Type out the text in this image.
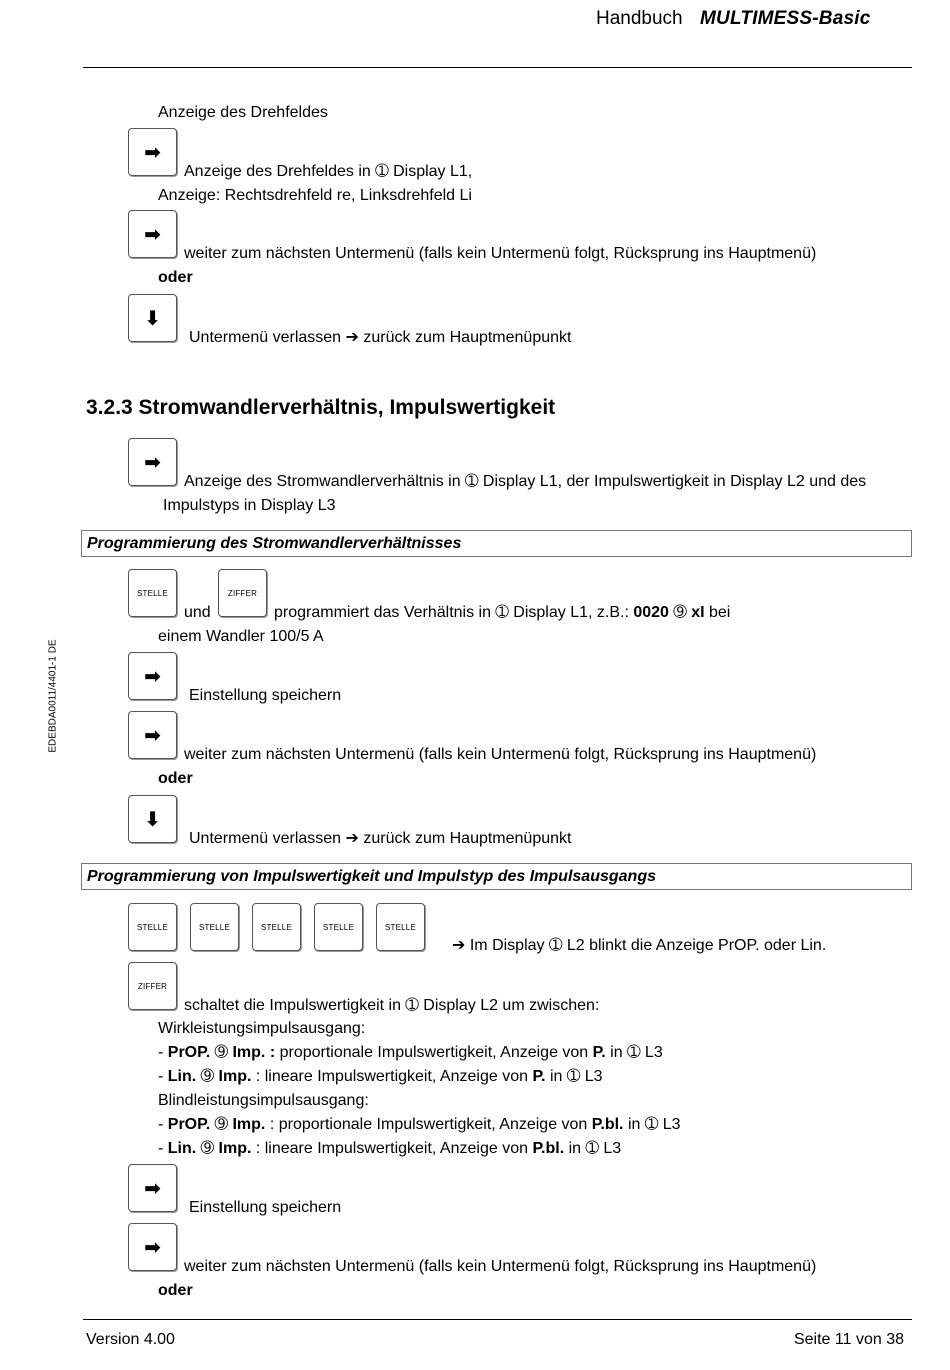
Handbuch MULTIMESS-Basic
EDEBDA0011/4401-1 DE
Anzeige des Drehfeldes
➡
Anzeige des Drehfeldes in ➀ Display L1,
Anzeige: Rechtsdrehfeld re, Linksdrehfeld Li
➡
weiter zum nächsten Untermenü (falls kein Untermenü folgt, Rücksprung ins Hauptmenü)
oder
⬇
Untermenü verlassen ➔ zurück zum Hauptmenüpunkt
3.2.3 Stromwandlerverhältnis, Impulswertigkeit
➡
Anzeige des Stromwandlerverhältnis in ➀ Display L1, der Impulswertigkeit in Display L2 und des
Impulstyps in Display L3
Programmierung des Stromwandlerverhältnisses
STELLE
und
ZIFFER
programmiert das Verhältnis in ➀ Display L1, z.B.: 0020 ➈ xI bei
einem Wandler 100/5 A
➡
Einstellung speichern
➡
weiter zum nächsten Untermenü (falls kein Untermenü folgt, Rücksprung ins Hauptmenü)
oder
⬇
Untermenü verlassen ➔ zurück zum Hauptmenüpunkt
Programmierung von Impulswertigkeit und Impulstyp des Impulsausgangs
STELLE	STELLE	STELLE	STELLE	STELLE
➔ Im Display ➀ L2 blinkt die Anzeige PrOP. oder Lin.
ZIFFER
schaltet die Impulswertigkeit in ➀ Display L2 um zwischen:
Wirkleistungsimpulsausgang:
- PrOP. ➈ Imp. : proportionale Impulswertigkeit, Anzeige von P. in ➀ L3
- Lin. ➈ Imp. : lineare Impulswertigkeit, Anzeige von P. in ➀ L3
Blindleistungsimpulsausgang:
- PrOP. ➈ Imp. : proportionale Impulswertigkeit, Anzeige von P.bl. in ➀ L3
- Lin. ➈ Imp. : lineare Impulswertigkeit, Anzeige von P.bl. in ➀ L3
➡
Einstellung speichern
➡
weiter zum nächsten Untermenü (falls kein Untermenü folgt, Rücksprung ins Hauptmenü)
oder
Version 4.00	Seite 11 von 38
